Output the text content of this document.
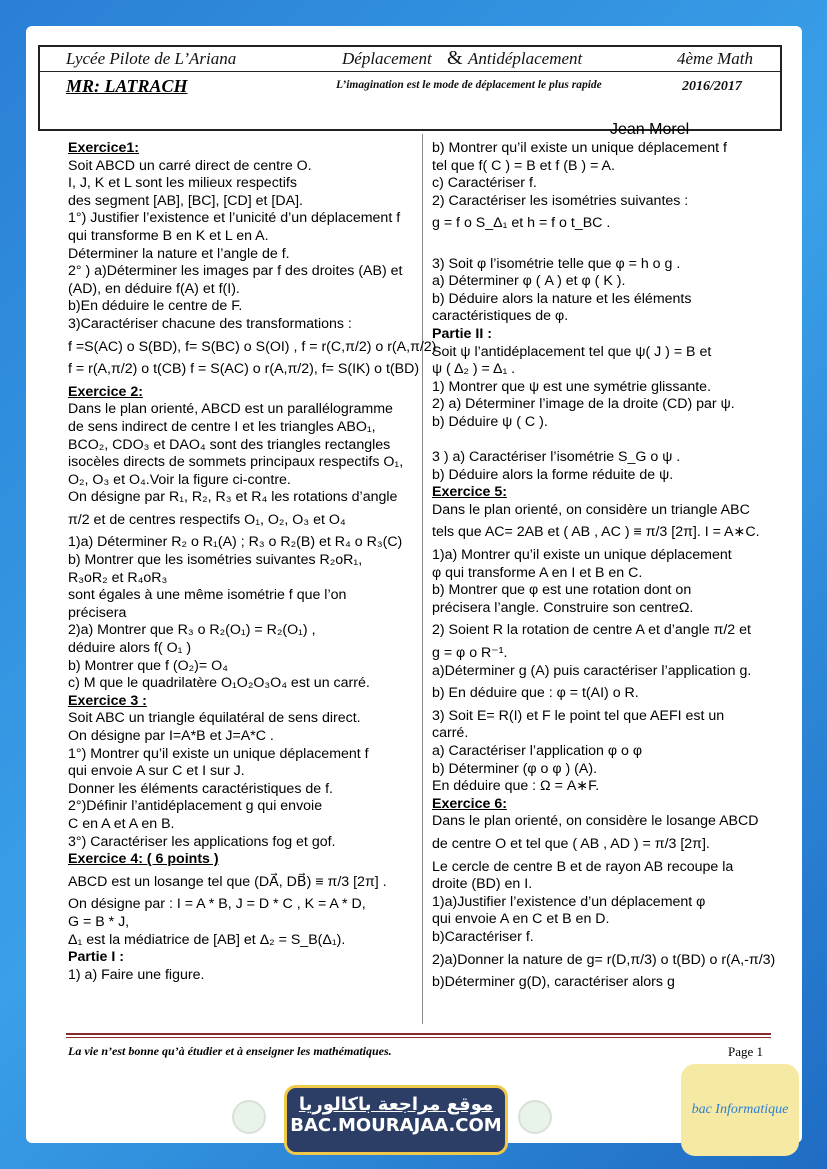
Lycée Pilote de L’Ariana	Déplacement & Antidéplacement	4ème Math
MR: LATRACH	L’imagination est le mode de déplacement le plus rapide	2016/2017
Jean Morel

Exercice1:

Soit ABCD un carré direct de centre O.

I, J, K et L sont les milieux respectifs

des segment [AB], [BC], [CD] et [DA].

1°) Justifier l’existence et l’unicité d’un déplacement f

qui transforme B en K et L en A.

Déterminer la nature et l’angle de f.

2° ) a)Déterminer les images par f des droites (AB) et

(AD), en déduire f(A) et f(I).

b)En déduire le centre de F.

3)Caractériser chacune des transformations :

f =S(AC) o S(BD), f= S(BC) o S(OI) , f = r(C,π/2) o r(A,π/2)

f = r(A,π/2) o t(CB) f = S(AC) o r(A,π/2), f= S(IK) o t(BD)

Exercice 2:

Dans le plan orienté, ABCD est un parallélogramme

de sens indirect de centre I et les triangles ABO₁,

BCO₂, CDO₃ et DAO₄ sont des triangles rectangles

isocèles directs de sommets principaux respectifs O₁,

O₂, O₃ et O₄.Voir la figure ci-contre.

On désigne par R₁, R₂, R₃ et R₄ les rotations d’angle

π/2 et de centres respectifs O₁, O₂, O₃ et O₄

1)a) Déterminer R₂ o R₁(A) ; R₃ o R₂(B) et R₄ o R₃(C)

b) Montrer que les isométries suivantes R₂oR₁,

R₃oR₂ et R₄oR₃

sont égales à une même isométrie f que l’on

précisera

2)a) Montrer que R₃ o R₂(O₁) = R₂(O₁) ,

déduire alors f( O₁ )

b) Montrer que f (O₂)= O₄

c) M que le quadrilatère O₁O₂O₃O₄ est un carré.

Exercice 3 :

Soit ABC un triangle équilatéral de sens direct.

On désigne par I=A*B et J=A*C .

1°) Montrer qu’il existe un unique déplacement f

qui envoie A sur C et I sur J.

Donner les éléments caractéristiques de f.

2°)Définir l’antidéplacement g qui envoie

C en A et A en B.

3°) Caractériser les applications fog et gof.

Exercice 4: ( 6 points )

ABCD est un losange tel que (DA⃗, DB⃗) ≡ π/3 [2π] .

On désigne par : I = A * B, J = D * C , K = A * D,

G = B * J,

Δ₁ est la médiatrice de [AB] et Δ₂ = S_B(Δ₁).

Partie I :

1) a) Faire une figure.

b) Montrer qu’il existe un unique déplacement f

tel que f( C ) = B et f (B ) = A.

c) Caractériser f.

2) Caractériser les isométries suivantes :

g = f o S_Δ₁ et h = f o t_BC .

3) Soit φ l’isométrie telle que φ = h o g .

a) Déterminer φ ( A ) et φ ( K ).

b) Déduire alors la nature et les éléments

caractéristiques de φ.

Partie II :

Soit ψ l’antidéplacement tel que ψ( J ) = B et

ψ ( Δ₂ ) = Δ₁ .

1) Montrer que ψ est une symétrie glissante.

2) a) Déterminer l’image de la droite (CD) par ψ.

b) Déduire ψ ( C ).

3 ) a) Caractériser l’isométrie S_G o ψ .

b) Déduire alors la forme réduite de ψ.

Exercice 5:

Dans le plan orienté, on considère un triangle ABC

tels que AC= 2AB et ( AB , AC ) ≡ π/3 [2π]. I = A∗C.

1)a) Montrer qu’il existe un unique déplacement

φ qui transforme A en I et B en C.

b) Montrer que φ est une rotation dont on

précisera l’angle. Construire son centreΩ.

2) Soient R la rotation de centre A et d’angle π/2 et

g = φ o R⁻¹.

a)Déterminer g (A) puis caractériser l’application g.

b) En déduire que : φ = t(AI) o R.

3) Soit E= R(I) et F le point tel que AEFI est un

carré.

a) Caractériser l’application φ o φ

b) Déterminer (φ o φ ) (A).

En déduire que : Ω = A∗F.

Exercice 6:

Dans le plan orienté, on considère le losange ABCD

de centre O et tel que ( AB , AD ) = π/3 [2π].

Le cercle de centre B et de rayon AB recoupe la

droite (BD) en I.

1)a)Justifier l’existence d’un déplacement φ

qui envoie A en C et B en D.

b)Caractériser f.

2)a)Donner la nature de g= r(D,π/3) o t(BD) o r(A,-π/3)

b)Déterminer g(D), caractériser alors g

La vie n’est bonne qu’à étudier et à enseigner les mathématiques.	Page 1
موقع مراجعة باكالوريا
BAC.MOURAJAA.COM
bac Informatique
